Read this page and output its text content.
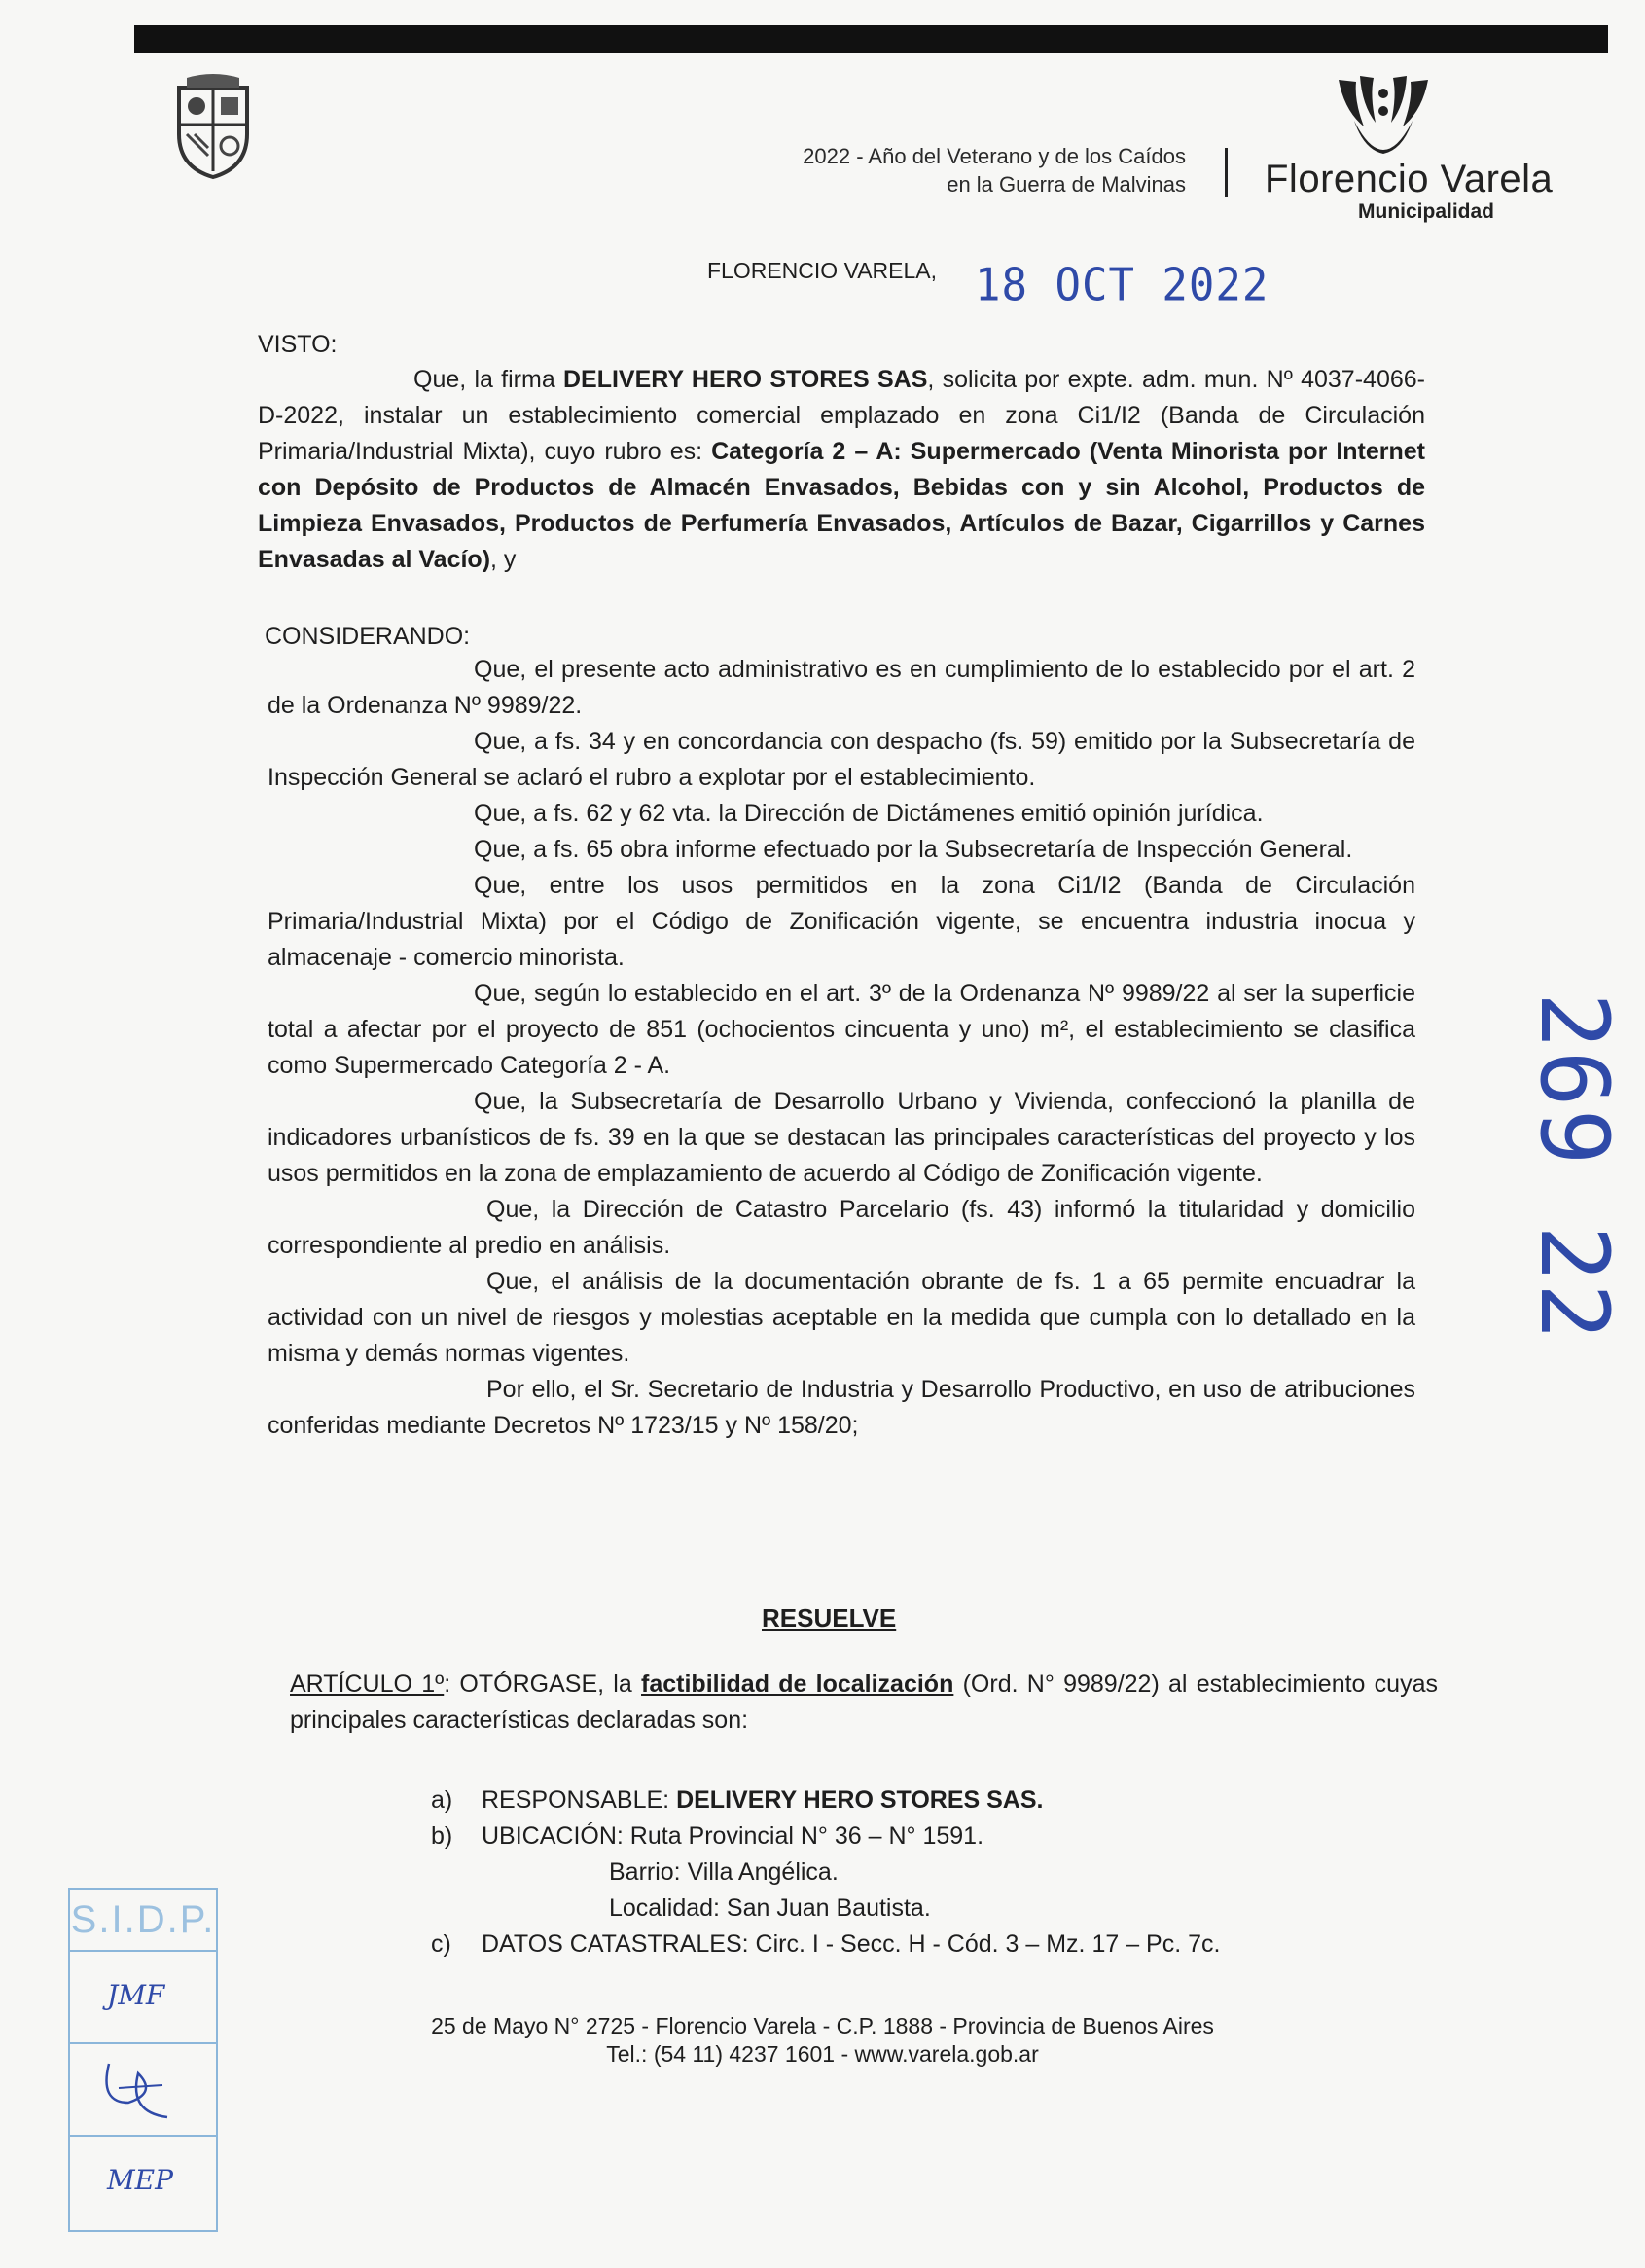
2022 - Año del Veterano y de los Caídos
en la Guerra de Malvinas Florencio Varela
Municipalidad
FLORENCIO VARELA, 18 OCT 2022
269 22
VISTO:
Que, la firma DELIVERY HERO STORES SAS, solicita por expte. adm. mun. Nº 4037-4066-D-2022, instalar un establecimiento comercial emplazado en zona Ci1/I2 (Banda de Circulación Primaria/Industrial Mixta), cuyo rubro es: Categoría 2 – A: Supermercado (Venta Minorista por Internet con Depósito de Productos de Almacén Envasados, Bebidas con y sin Alcohol, Productos de Limpieza Envasados, Productos de Perfumería Envasados, Artículos de Bazar, Cigarrillos y Carnes Envasadas al Vacío), y
CONSIDERANDO:
Que, el presente acto administrativo es en cumplimiento de lo establecido por el art. 2 de la Ordenanza Nº 9989/22.
Que, a fs. 34 y en concordancia con despacho (fs. 59) emitido por la Subsecretaría de Inspección General se aclaró el rubro a explotar por el establecimiento.
Que, a fs. 62 y 62 vta. la Dirección de Dictámenes emitió opinión jurídica.
Que, a fs. 65 obra informe efectuado por la Subsecretaría de Inspección General.
Que, entre los usos permitidos en la zona Ci1/I2 (Banda de Circulación Primaria/Industrial Mixta) por el Código de Zonificación vigente, se encuentra industria inocua y almacenaje - comercio minorista.
Que, según lo establecido en el art. 3º de la Ordenanza Nº 9989/22 al ser la superficie total a afectar por el proyecto de 851 (ochocientos cincuenta y uno) m², el establecimiento se clasifica como Supermercado Categoría 2 - A.
Que, la Subsecretaría de Desarrollo Urbano y Vivienda, confeccionó la planilla de indicadores urbanísticos de fs. 39 en la que se destacan las principales características del proyecto y los usos permitidos en la zona de emplazamiento de acuerdo al Código de Zonificación vigente.
Que, la Dirección de Catastro Parcelario (fs. 43) informó la titularidad y domicilio correspondiente al predio en análisis.
Que, el análisis de la documentación obrante de fs. 1 a 65 permite encuadrar la actividad con un nivel de riesgos y molestias aceptable en la medida que cumpla con lo detallado en la misma y demás normas vigentes.
Por ello, el Sr. Secretario de Industria y Desarrollo Productivo, en uso de atribuciones conferidas mediante Decretos Nº 1723/15 y Nº 158/20;
RESUELVE
ARTÍCULO 1º: OTÓRGASE, la factibilidad de localización (Ord. N° 9989/22) al establecimiento cuyas principales características declaradas son:
a)	RESPONSABLE: DELIVERY HERO STORES SAS.
b)	UBICACIÓN: Ruta Provincial N° 36 – N° 1591.
Barrio: Villa Angélica.
Localidad: San Juan Bautista.
c)	DATOS CATASTRALES: Circ. I - Secc. H - Cód. 3 – Mz. 17 – Pc. 7c.
25 de Mayo N° 2725 - Florencio Varela - C.P. 1888 - Provincia de Buenos Aires
Tel.: (54 11) 4237 1601 - www.varela.gob.ar
S.I.D.P.
JMF
MEP
